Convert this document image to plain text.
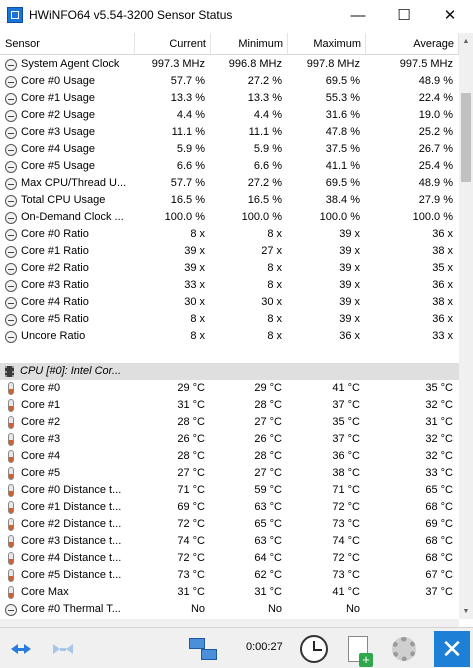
HWiNFO64 v5.54-3200 Sensor Status	—	☐	✕
Sensor	Current	Minimum	Maximum	Average
System Agent Clock	997.3 MHz	996.8 MHz	997.8 MHz	997.5 MHz
Core #0 Usage	57.7 %	27.2 %	69.5 %	48.9 %
Core #1 Usage	13.3 %	13.3 %	55.3 %	22.4 %
Core #2 Usage	4.4 %	4.4 %	31.6 %	19.0 %
Core #3 Usage	11.1 %	11.1 %	47.8 %	25.2 %
Core #4 Usage	5.9 %	5.9 %	37.5 %	26.7 %
Core #5 Usage	6.6 %	6.6 %	41.1 %	25.4 %
Max CPU/Thread U...	57.7 %	27.2 %	69.5 %	48.9 %
Total CPU Usage	16.5 %	16.5 %	38.4 %	27.9 %
On-Demand Clock ...	100.0 %	100.0 %	100.0 %	100.0 %
Core #0 Ratio	8 x	8 x	39 x	36 x
Core #1 Ratio	39 x	27 x	39 x	38 x
Core #2 Ratio	39 x	8 x	39 x	35 x
Core #3 Ratio	33 x	8 x	39 x	36 x
Core #4 Ratio	30 x	30 x	39 x	38 x
Core #5 Ratio	8 x	8 x	39 x	36 x
Uncore Ratio	8 x	8 x	36 x	33 x
CPU [#0]: Intel Cor...
Core #0	29 °C	29 °C	41 °C	35 °C
Core #1	31 °C	28 °C	37 °C	32 °C
Core #2	28 °C	27 °C	35 °C	31 °C
Core #3	26 °C	26 °C	37 °C	32 °C
Core #4	28 °C	28 °C	36 °C	32 °C
Core #5	27 °C	27 °C	38 °C	33 °C
Core #0 Distance t...	71 °C	59 °C	71 °C	65 °C
Core #1 Distance t...	69 °C	63 °C	72 °C	68 °C
Core #2 Distance t...	72 °C	65 °C	73 °C	69 °C
Core #3 Distance t...	74 °C	63 °C	74 °C	68 °C
Core #4 Distance t...	72 °C	64 °C	72 °C	68 °C
Core #5 Distance t...	73 °C	62 °C	73 °C	67 °C
Core Max	31 °C	31 °C	41 °C	37 °C
Core #0 Thermal T...	No	No	No
▲
▼
0:00:27
+	✕
